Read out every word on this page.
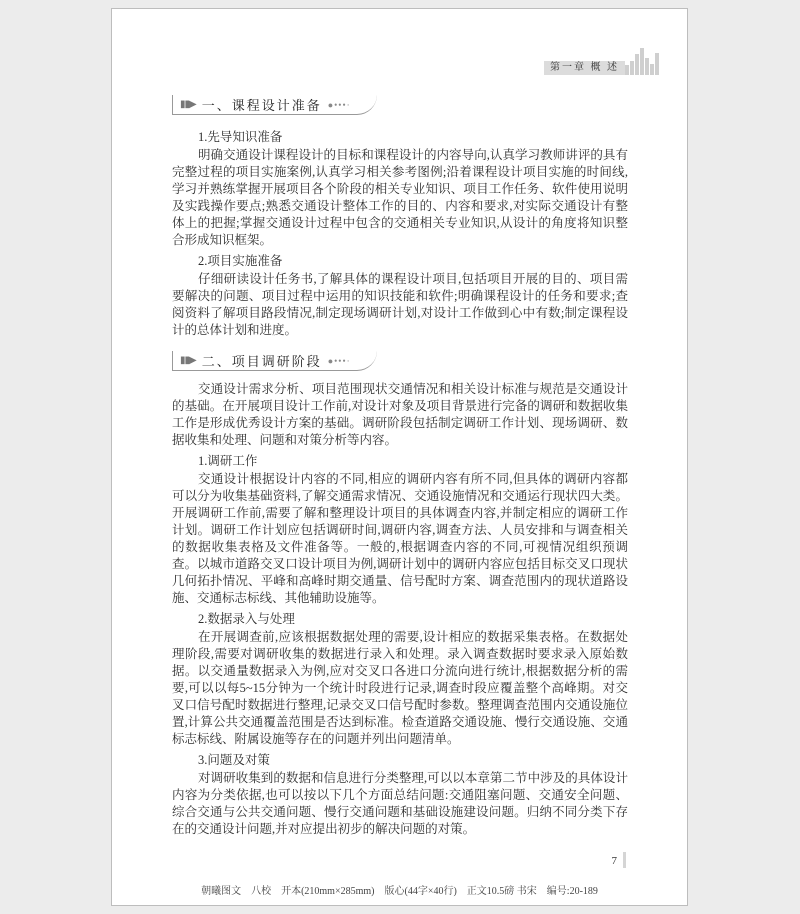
第一章 概 述
▮▮▶ 一、课程设计准备 ●•••·
1.先导知识准备

明确交通设计课程设计的目标和课程设计的内容导向,认真学习教师讲评的具有完整过程的项目实施案例,认真学习相关参考图例;沿着课程设计项目实施的时间线,学习并熟练掌握开展项目各个阶段的相关专业知识、项目工作任务、软件使用说明及实践操作要点;熟悉交通设计整体工作的目的、内容和要求,对实际交通设计有整体上的把握;掌握交通设计过程中包含的交通相关专业知识,从设计的角度将知识整合形成知识框架。

2.项目实施准备

仔细研读设计任务书,了解具体的课程设计项目,包括项目开展的目的、项目需要解决的问题、项目过程中运用的知识技能和软件;明确课程设计的任务和要求;查阅资料了解项目路段情况,制定现场调研计划,对设计工作做到心中有数;制定课程设计的总体计划和进度。

▮▮▶ 二、项目调研阶段 ●•••·

交通设计需求分析、项目范围现状交通情况和相关设计标准与规范是交通设计的基础。在开展项目设计工作前,对设计对象及项目背景进行完备的调研和数据收集工作是形成优秀设计方案的基础。调研阶段包括制定调研工作计划、现场调研、数据收集和处理、问题和对策分析等内容。

1.调研工作

交通设计根据设计内容的不同,相应的调研内容有所不同,但具体的调研内容都可以分为收集基础资料,了解交通需求情况、交通设施情况和交通运行现状四大类。开展调研工作前,需要了解和整理设计项目的具体调查内容,并制定相应的调研工作计划。调研工作计划应包括调研时间,调研内容,调查方法、人员安排和与调查相关的数据收集表格及文件准备等。一般的,根据调查内容的不同,可视情况组织预调查。以城市道路交叉口设计项目为例,调研计划中的调研内容应包括目标交叉口现状几何拓扑情况、平峰和高峰时期交通量、信号配时方案、调查范围内的现状道路设施、交通标志标线、其他辅助设施等。

2.数据录入与处理

在开展调查前,应该根据数据处理的需要,设计相应的数据采集表格。在数据处理阶段,需要对调研收集的数据进行录入和处理。录入调查数据时要求录入原始数据。以交通量数据录入为例,应对交叉口各进口分流向进行统计,根据数据分析的需要,可以以每5~15分钟为一个统计时段进行记录,调查时段应覆盖整个高峰期。对交叉口信号配时数据进行整理,记录交叉口信号配时参数。整理调查范围内交通设施位置,计算公共交通覆盖范围是否达到标准。检查道路交通设施、慢行交通设施、交通标志标线、附属设施等存在的问题并列出问题清单。

3.问题及对策

对调研收集到的数据和信息进行分类整理,可以以本章第二节中涉及的具体设计内容为分类依据,也可以按以下几个方面总结问题:交通阻塞问题、交通安全问题、综合交通与公共交通问题、慢行交通问题和基础设施建设问题。归纳不同分类下存在的交通设计问题,并对应提出初步的解决问题的对策。

7
朝曦图文　八校　开本(210mm×285mm)　版心(44字×40行)　正文10.5磅 书宋　编号:20-189
